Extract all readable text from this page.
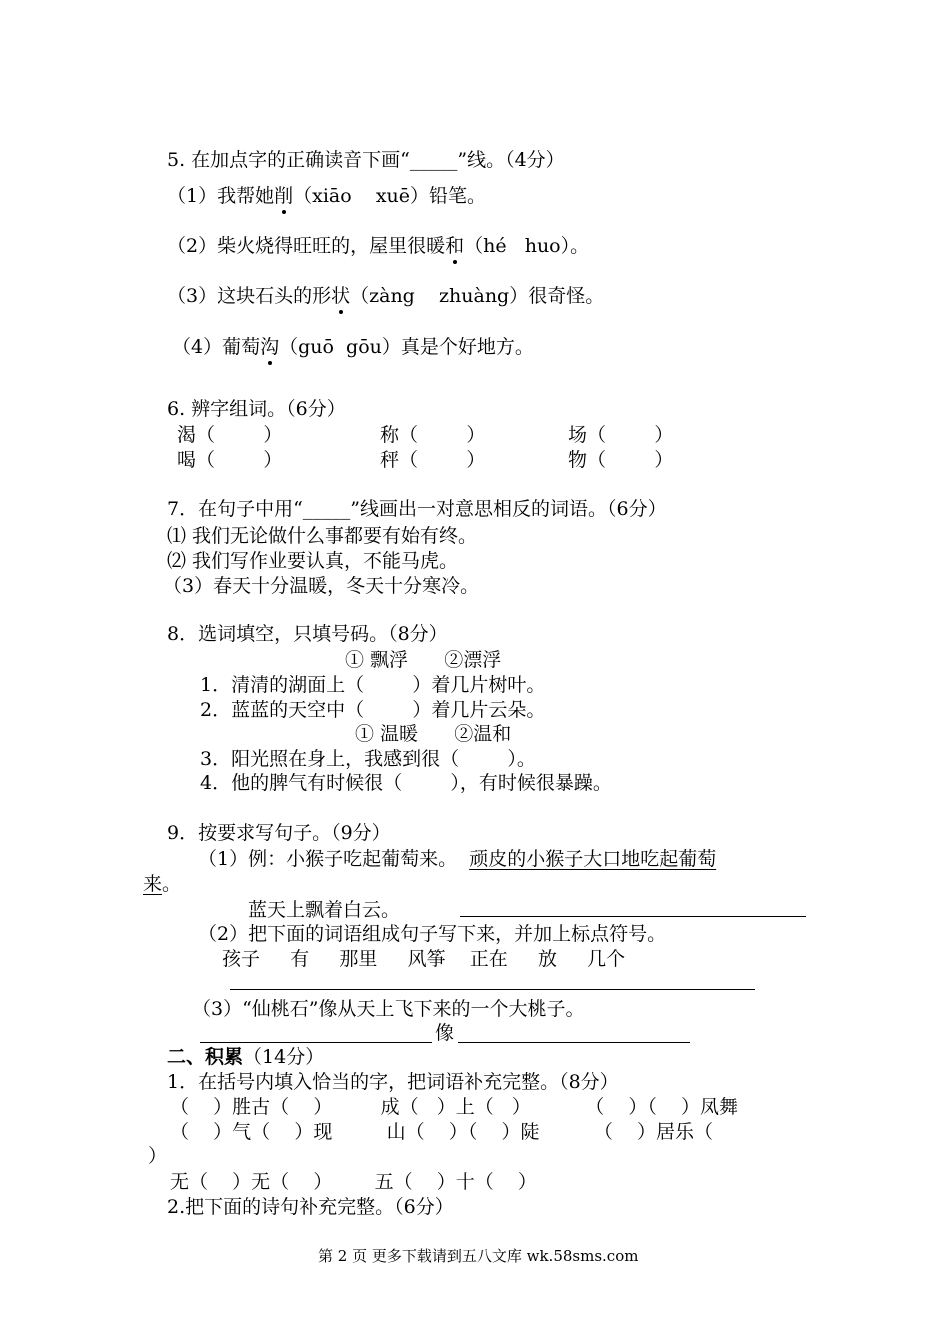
5. 在加点字的正确读音下画“_____”线。（4分）
（1）我帮她削（xiāo    xuē）铅笔。
（2）柴火烧得旺旺的，屋里很暖和（hé   huo）。
（3）这块石头的形状（zàng    zhuàng）很奇怪。
（4）葡萄沟（guō  gōu）真是个好地方。
6. 辨字组词。（6分）
渴（        ）	称（        ）	场（        ）
喝（        ）	秤（        ）	物（        ）
7．在句子中用“_____”线画出一对意思相反的词语。（6分）
⑴ 我们无论做什么事都要有始有终。
⑵ 我们写作业要认真，不能马虎。
（3）春天十分温暖，冬天十分寒冷。
8．选词填空，只填号码。（8分）
① 飘浮      ②漂浮
1．清清的湖面上（        ）着几片树叶。
2．蓝蓝的天空中（        ）着几片云朵。
① 温暖      ②温和
3．阳光照在身上，我感到很（        ）。
4．他的脾气有时候很（        ），有时候很暴躁。
9．按要求写句子。（9分）
（1）例：小猴子吃起葡萄来。 顽皮的小猴子大口地吃起葡萄
来。
蓝天上飘着白云。
（2）把下面的词语组成句子写下来，并加上标点符号。
孩子     有     那里     风筝    正在     放     几个
（3）“仙桃石”像从天上飞下来的一个大桃子。
像
二、积累（14分）
1．在括号内填入恰当的字，把词语补充完整。（8分）
（    ）胜古（    ）        成（   ）上（   ）         （    ）（    ）凤舞
（    ）气（    ）现         山（    ）（    ）陡         （    ）居乐（
）
无（    ）无（    ）       五（    ）十（    ）
2.把下面的诗句补充完整。（6分）
第 2 页 更多下载请到五八文库 wk.58sms.com
